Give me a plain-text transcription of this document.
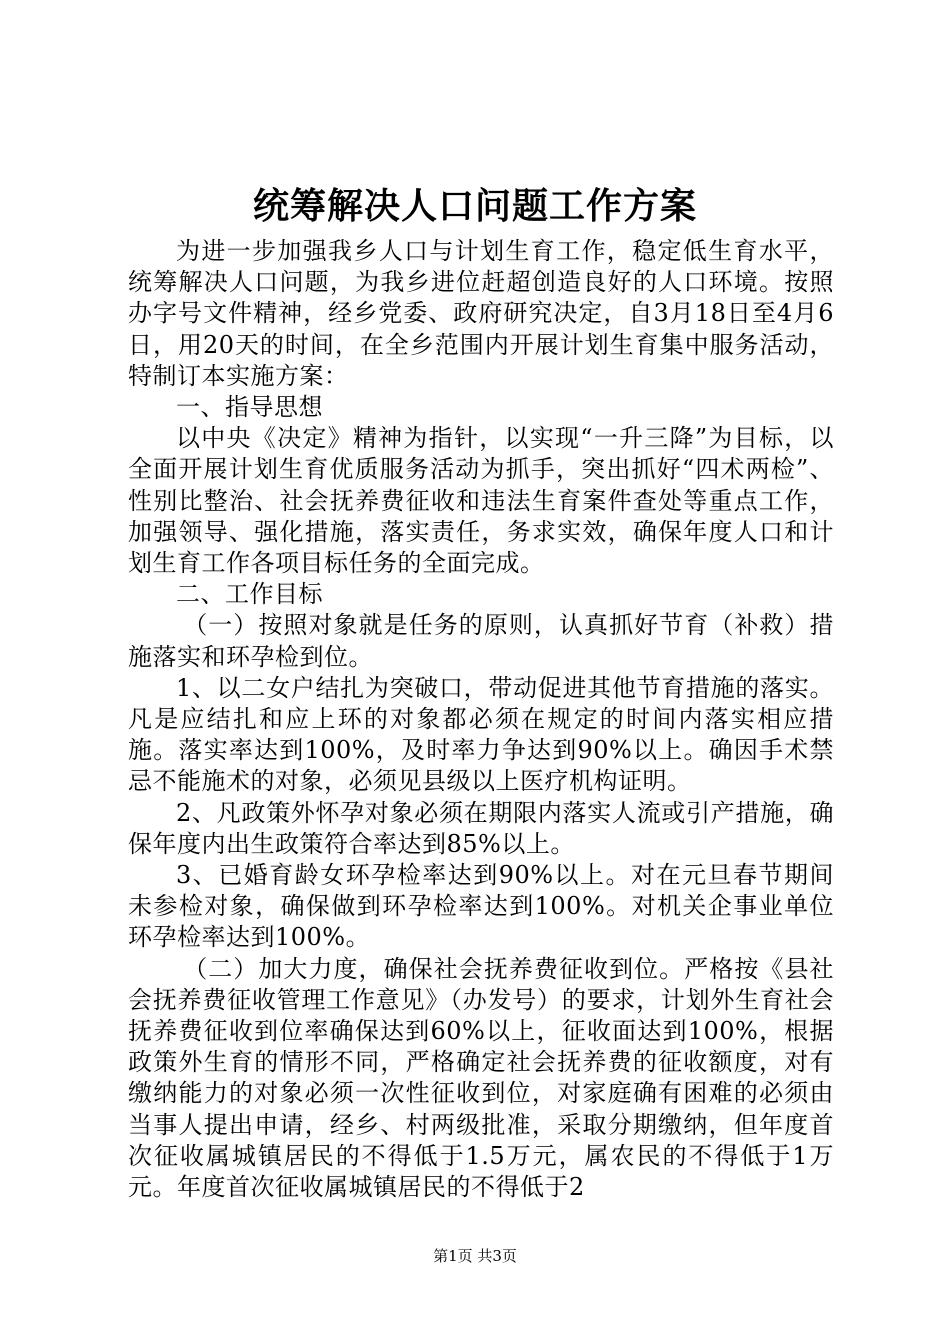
统筹解决人口问题工作方案

为进一步加强我乡人口与计划生育工作，稳定低生育水平，统筹解决人口问题，为我乡进位赶超创造良好的人口环境。按照办字号文件精神，经乡党委、政府研究决定，自3月18日至4月6日，用20天的时间，在全乡范围内开展计划生育集中服务活动，特制订本实施方案：

一、指导思想

以中央《决定》精神为指针，以实现“一升三降”为目标，以全面开展计划生育优质服务活动为抓手，突出抓好“四术两检”、性别比整治、社会抚养费征收和违法生育案件查处等重点工作，加强领导、强化措施，落实责任，务求实效，确保年度人口和计划生育工作各项目标任务的全面完成。

二、工作目标

（一）按照对象就是任务的原则，认真抓好节育（补救）措施落实和环孕检到位。

1、以二女户结扎为突破口，带动促进其他节育措施的落实。凡是应结扎和应上环的对象都必须在规定的时间内落实相应措施。落实率达到100%，及时率力争达到90%以上。确因手术禁忌不能施术的对象，必须见县级以上医疗机构证明。

2、凡政策外怀孕对象必须在期限内落实人流或引产措施，确保年度内出生政策符合率达到85%以上。

3、已婚育龄女环孕检率达到90%以上。对在元旦春节期间未参检对象，确保做到环孕检率达到100%。对机关企事业单位环孕检率达到100%。

（二）加大力度，确保社会抚养费征收到位。严格按《县社会抚养费征收管理工作意见》（办发号）的要求，计划外生育社会抚养费征收到位率确保达到60%以上，征收面达到100%，根据政策外生育的情形不同，严格确定社会抚养费的征收额度，对有缴纳能力的对象必须一次性征收到位，对家庭确有困难的必须由当事人提出申请，经乡、村两级批准，采取分期缴纳，但年度首次征收属城镇居民的不得低于1.5万元，属农民的不得低于1万元。年度首次征收属城镇居民的不得低于2

第1页 共3页
